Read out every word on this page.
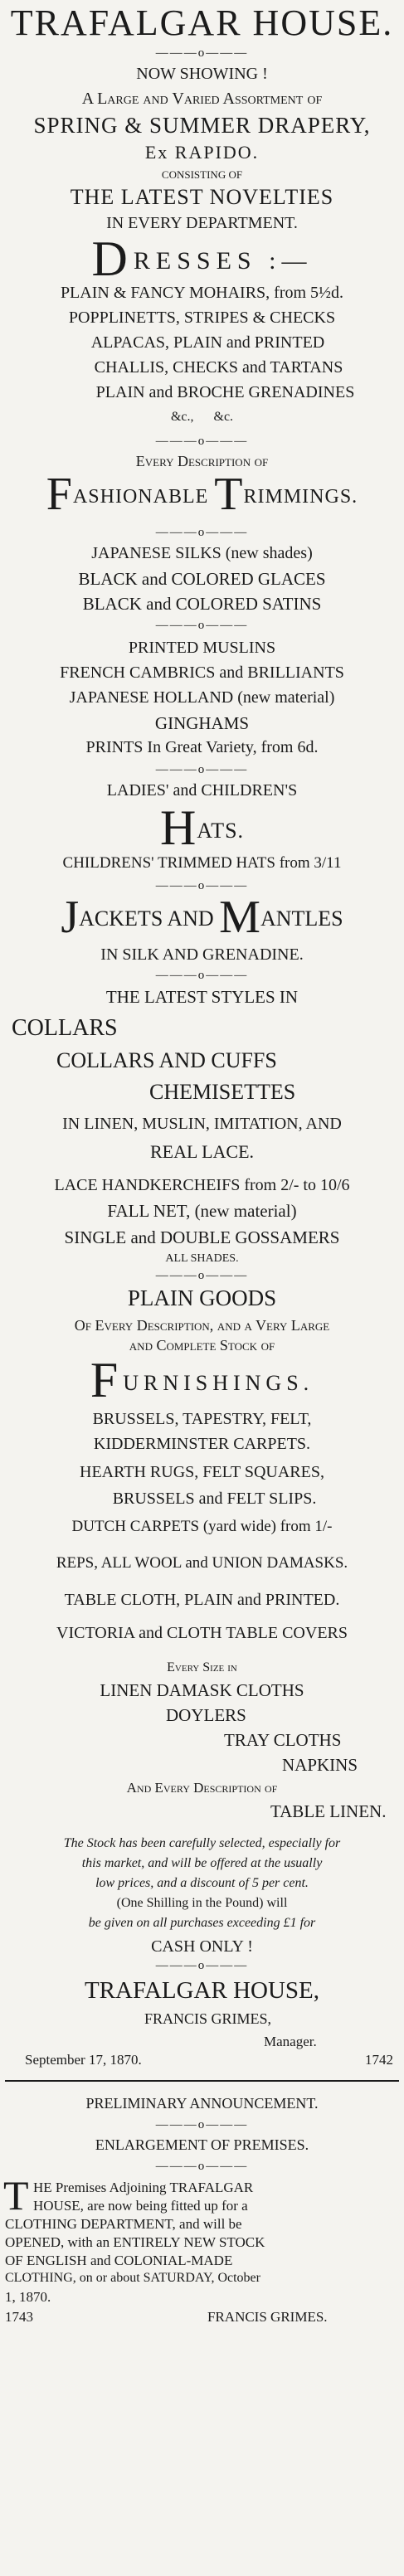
TRAFALGAR HOUSE.
———o———
NOW SHOWING !
A Large and Varied Assortment of
SPRING & SUMMER DRAPERY,
Ex RAPIDO.
CONSISTING OF
THE LATEST NOVELTIES
IN EVERY DEPARTMENT.
DRESSES :—
PLAIN & FANCY MOHAIRS, from 5½d.
POPPLINETTS, STRIPES & CHECKS
ALPACAS, PLAIN and PRINTED
CHALLIS, CHECKS and TARTANS
PLAIN and BROCHE GRENADINES
&c., &c.
———o———
Every Description of
FASHIONABLE TRIMMINGS.
———o———
JAPANESE SILKS (new shades)
BLACK and COLORED GLACES
BLACK and COLORED SATINS
———o———
PRINTED MUSLINS
FRENCH CAMBRICS and BRILLIANTS
JAPANESE HOLLAND (new material)
GINGHAMS
PRINTS In Great Variety, from 6d.
———o———
LADIES' and CHILDREN'S
HATS.
CHILDRENS' TRIMMED HATS from 3/11
———o———
JACKETS AND MANTLES
IN SILK AND GRENADINE.
———o———
THE LATEST STYLES IN
COLLARS
COLLARS AND CUFFS
CHEMISETTES
IN LINEN, MUSLIN, IMITATION, AND
REAL LACE.
LACE HANDKERCHEIFS from 2/- to 10/6
FALL NET, (new material)
SINGLE and DOUBLE GOSSAMERS
ALL SHADES.
———o———
PLAIN GOODS
Of Every Description, and a Very Large
and Complete Stock of
FURNISHINGS.
BRUSSELS, TAPESTRY, FELT,
KIDDERMINSTER CARPETS.
HEARTH RUGS, FELT SQUARES,
BRUSSELS and FELT SLIPS.
DUTCH CARPETS (yard wide) from 1/-
REPS, ALL WOOL and UNION DAMASKS.
TABLE CLOTH, PLAIN and PRINTED.
VICTORIA and CLOTH TABLE COVERS
Every Size in
LINEN DAMASK CLOTHS
DOYLERS
TRAY CLOTHS
NAPKINS
And Every Description of
TABLE LINEN.
The Stock has been carefully selected, especially for
this market, and will be offered at the usually
low prices, and a discount of 5 per cent.
(One Shilling in the Pound) will
be given on all purchases exceeding £1 for
CASH ONLY !
———o———
TRAFALGAR HOUSE,
FRANCIS GRIMES,
Manager.
September 17, 1870.	1742
PRELIMINARY ANNOUNCEMENT.
———o———
ENLARGEMENT OF PREMISES.
———o———
T HE Premises Adjoining TRAFALGAR
HOUSE, are now being fitted up for a
CLOTHING DEPARTMENT, and will be
OPENED, with an ENTIRELY NEW STOCK
OF ENGLISH and COLONIAL-MADE
CLOTHING, on or about SATURDAY, October
1, 1870.
1743	FRANCIS GRIMES.
